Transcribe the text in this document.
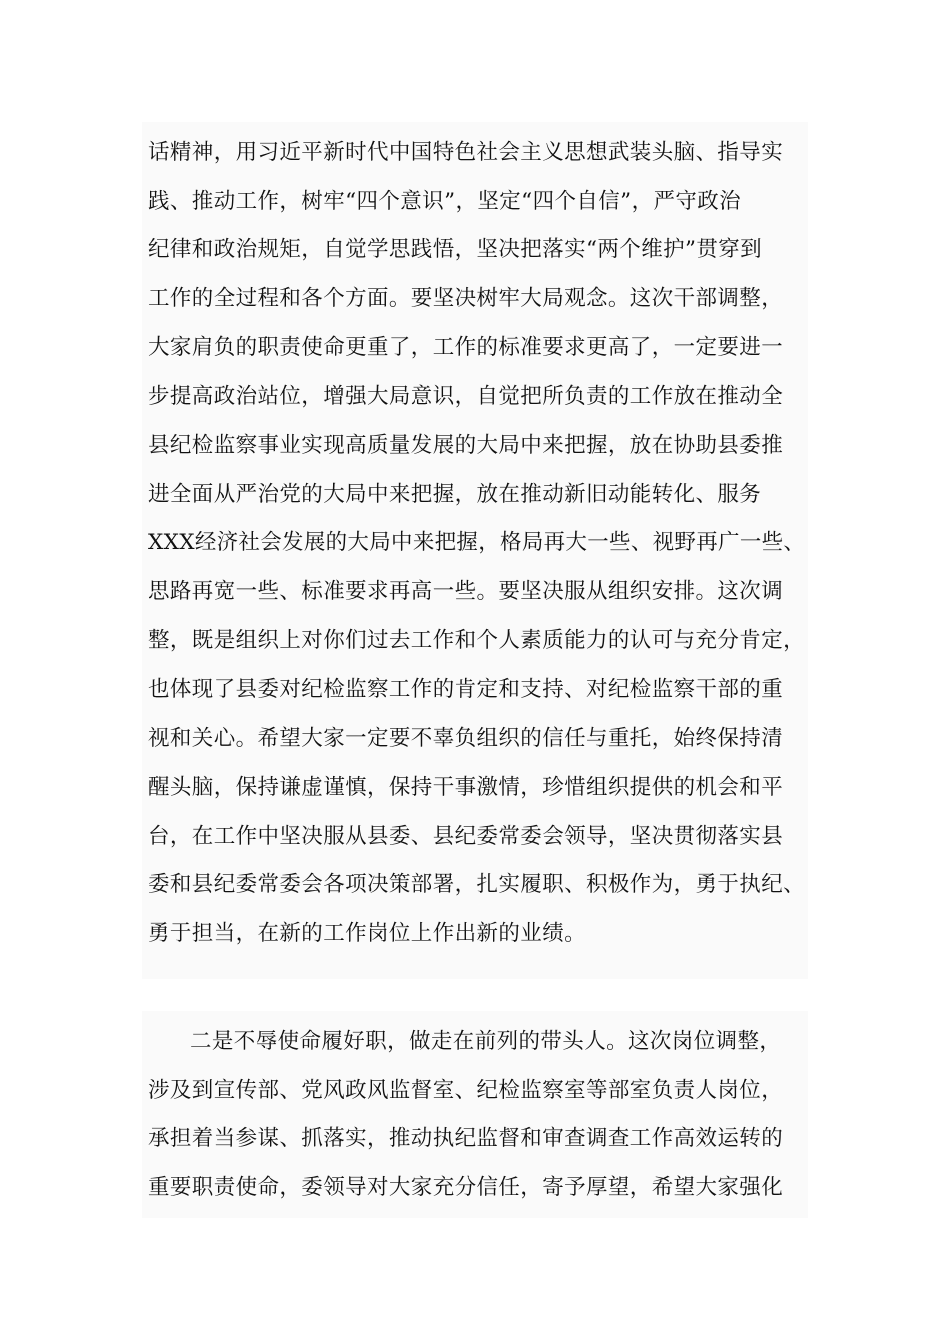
话精神，用习近平新时代中国特色社会主义思想武装头脑、指导实
践、推动工作，树牢“四个意识”，坚定“四个自信”，严守政治
纪律和政治规矩，自觉学思践悟，坚决把落实“两个维护”贯穿到
工作的全过程和各个方面。要坚决树牢大局观念。这次干部调整，
大家肩负的职责使命更重了，工作的标准要求更高了，一定要进一
步提高政治站位，增强大局意识，自觉把所负责的工作放在推动全
县纪检监察事业实现高质量发展的大局中来把握，放在协助县委推
进全面从严治党的大局中来把握，放在推动新旧动能转化、服务
XXX经济社会发展的大局中来把握，格局再大一些、视野再广一些、
思路再宽一些、标准要求再高一些。要坚决服从组织安排。这次调
整，既是组织上对你们过去工作和个人素质能力的认可与充分肯定，
也体现了县委对纪检监察工作的肯定和支持、对纪检监察干部的重
视和关心。希望大家一定要不辜负组织的信任与重托，始终保持清
醒头脑，保持谦虚谨慎，保持干事激情，珍惜组织提供的机会和平
台，在工作中坚决服从县委、县纪委常委会领导，坚决贯彻落实县
委和县纪委常委会各项决策部署，扎实履职、积极作为，勇于执纪、
勇于担当，在新的工作岗位上作出新的业绩。
二是不辱使命履好职，做走在前列的带头人。这次岗位调整，
涉及到宣传部、党风政风监督室、纪检监察室等部室负责人岗位，
承担着当参谋、抓落实，推动执纪监督和审查调查工作高效运转的
重要职责使命，委领导对大家充分信任，寄予厚望，希望大家强化
